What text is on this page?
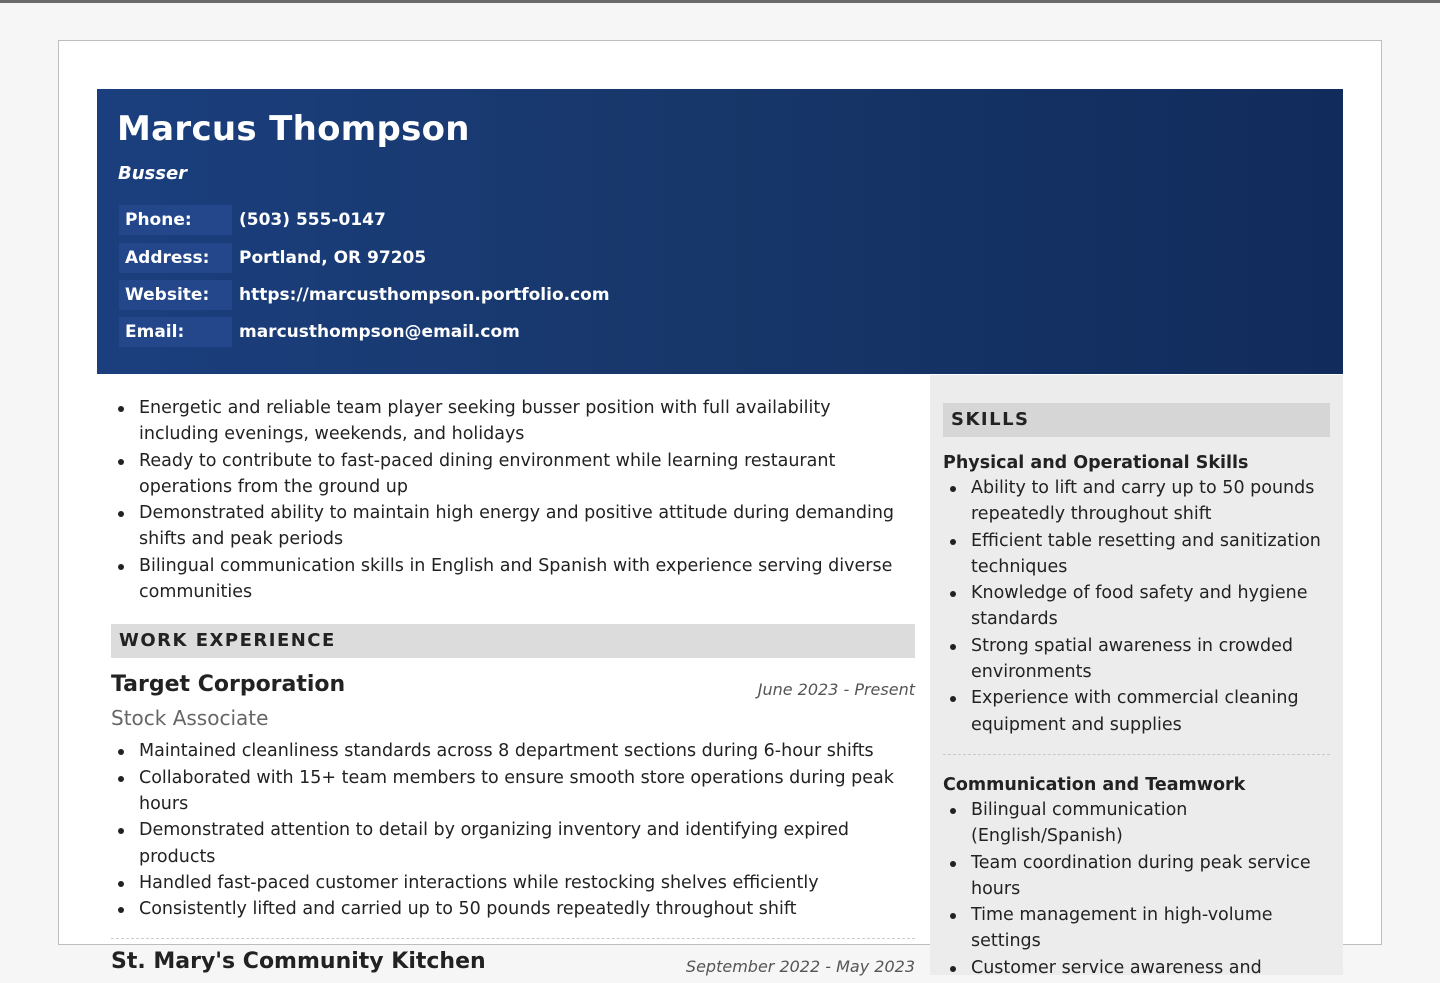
Marcus Thompson
Busser
Phone:	(503) 555-0147
Address:	Portland, OR 97205
Website:	https://marcusthompson.portfolio.com
Email:	marcusthompson@email.com
Energetic and reliable team player seeking busser position with full availability including evenings, weekends, and holidays
Ready to contribute to fast-paced dining environment while learning restaurant operations from the ground up
Demonstrated ability to maintain high energy and positive attitude during demanding shifts and peak periods
Bilingual communication skills in English and Spanish with experience serving diverse communities
WORK EXPERIENCE
Target Corporation	June 2023 - Present
Stock Associate
Maintained cleanliness standards across 8 department sections during 6-hour shifts
Collaborated with 15+ team members to ensure smooth store operations during peak hours
Demonstrated attention to detail by organizing inventory and identifying expired products
Handled fast-paced customer interactions while restocking shelves efficiently
Consistently lifted and carried up to 50 pounds repeatedly throughout shift
St. Mary's Community Kitchen	September 2022 - May 2023
SKILLS
Physical and Operational Skills
Ability to lift and carry up to 50 pounds repeatedly throughout shift
Efficient table resetting and sanitization techniques
Knowledge of food safety and hygiene standards
Strong spatial awareness in crowded environments
Experience with commercial cleaning equipment and supplies
Communication and Teamwork
Bilingual communication (English/Spanish)
Team coordination during peak service hours
Time management in high-volume settings
Customer service awareness and
